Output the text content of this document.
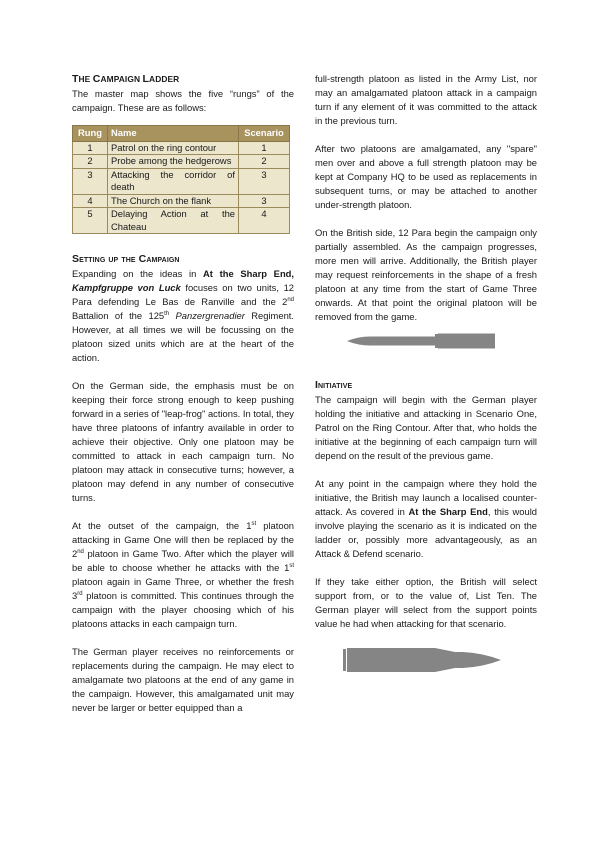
THE CAMPAIGN LADDER

The master map shows the five “rungs” of the campaign. These are as follows:

Rung	Name	Scenario
1	Patrol on the ring contour	1
2	Probe among the hedgerows	2
3	Attacking the corridor of death	3
4	The Church on the flank	3
5	Delaying Action at the Chateau	4
Setting up the Campaign

Expanding on the ideas in At the Sharp End, Kampfgruppe von Luck focuses on two units, 12 Para defending Le Bas de Ranville and the 2nd Battalion of the 125th Panzergrenadier Regiment. However, at all times we will be focussing on the platoon sized units which are at the heart of the action.

On the German side, the emphasis must be on keeping their force strong enough to keep pushing forward in a series of "leap-frog" actions. In total, they have three platoons of infantry available in order to achieve their objective. Only one platoon may be committed to attack in each campaign turn. No platoon may attack in consecutive turns; however, a platoon may defend in any number of consecutive turns.

At the outset of the campaign, the 1st platoon attacking in Game One will then be replaced by the 2nd platoon in Game Two. After which the player will be able to choose whether he attacks with the 1st platoon again in Game Three, or whether the fresh 3rd platoon is committed. This continues through the campaign with the player choosing which of his platoons attacks in each campaign turn.

The German player receives no reinforcements or replacements during the campaign. He may elect to amalgamate two platoons at the end of any game in the campaign. However, this amalgamated unit may never be larger or better equipped than a

full-strength platoon as listed in the Army List, nor may an amalgamated platoon attack in a campaign turn if any element of it was committed to the attack in the previous turn.

After two platoons are amalgamated, any "spare" men over and above a full strength platoon may be kept at Company HQ to be used as replacements in subsequent turns, or may be attached to another under-strength platoon.

On the British side, 12 Para begin the campaign only partially assembled. As the campaign progresses, more men will arrive. Additionally, the British player may request reinforcements in the shape of a fresh platoon at any time from the start of Game Three onwards. At that point the original platoon will be removed from the game.

Initiative

The campaign will begin with the German player holding the initiative and attacking in Scenario One, Patrol on the Ring Contour. After that, who holds the initiative at the beginning of each campaign turn will depend on the result of the previous game.

At any point in the campaign where they hold the initiative, the British may launch a localised counter-attack. As covered in At the Sharp End, this would involve playing the scenario as it is indicated on the ladder or, possibly more advantageously, as an Attack & Defend scenario.

If they take either option, the British will select support from, or to the value of, List Ten. The German player will select from the support points value he had when attacking for that scenario.
